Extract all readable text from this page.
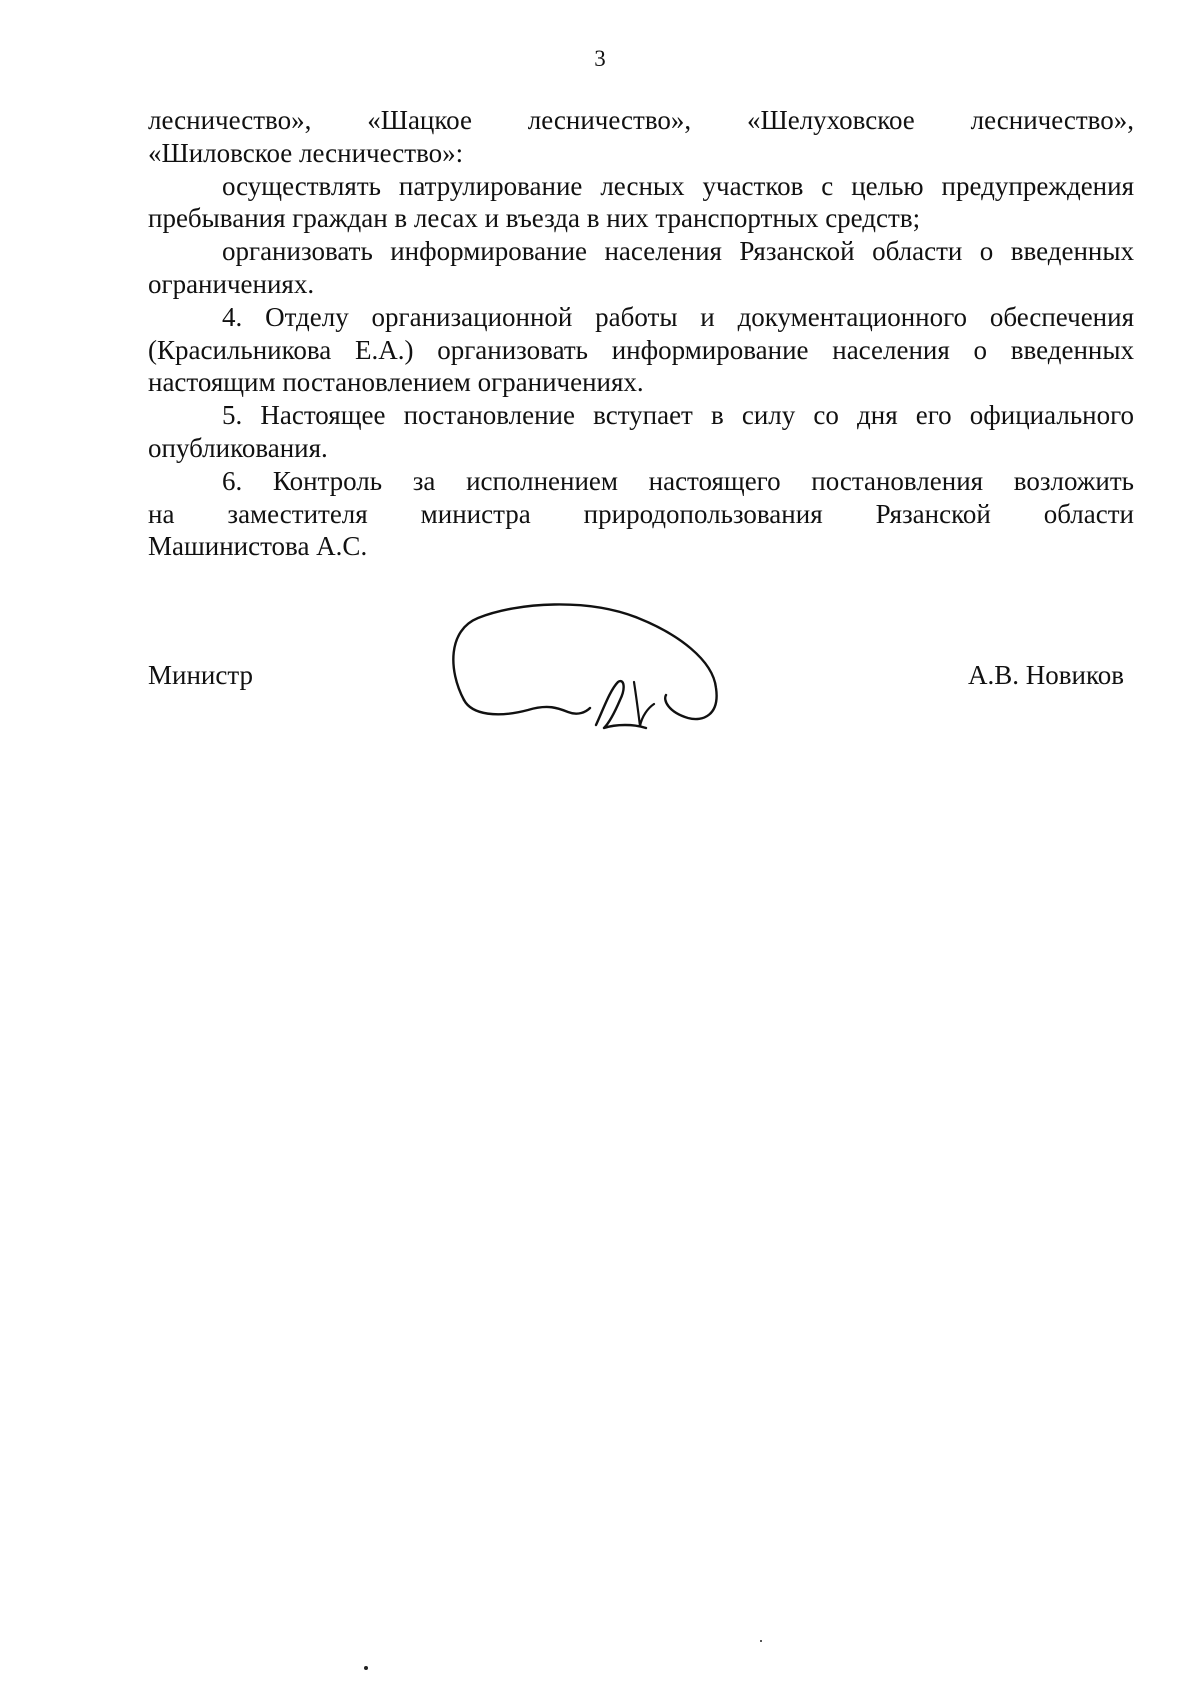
3

лесничество», «Шацкое лесничество», «Шелуховское лесничество»,

«Шиловское лесничество»:

осуществлять патрулирование лесных участков с целью предупреждения пребывания граждан в лесах и въезда в них транспортных средств;

организовать информирование населения Рязанской области о введенных ограничениях.

4. Отделу организационной работы и документационного обеспечения (Красильникова Е.А.) организовать информирование населения о введенных настоящим постановлением ограничениях.

5. Настоящее постановление вступает в силу со дня его официального опубликования.

6. Контроль за исполнением настоящего постановления возложить

на заместителя министра природопользования Рязанской области

Машинистова А.С.

Министр	А.В. Новиков
